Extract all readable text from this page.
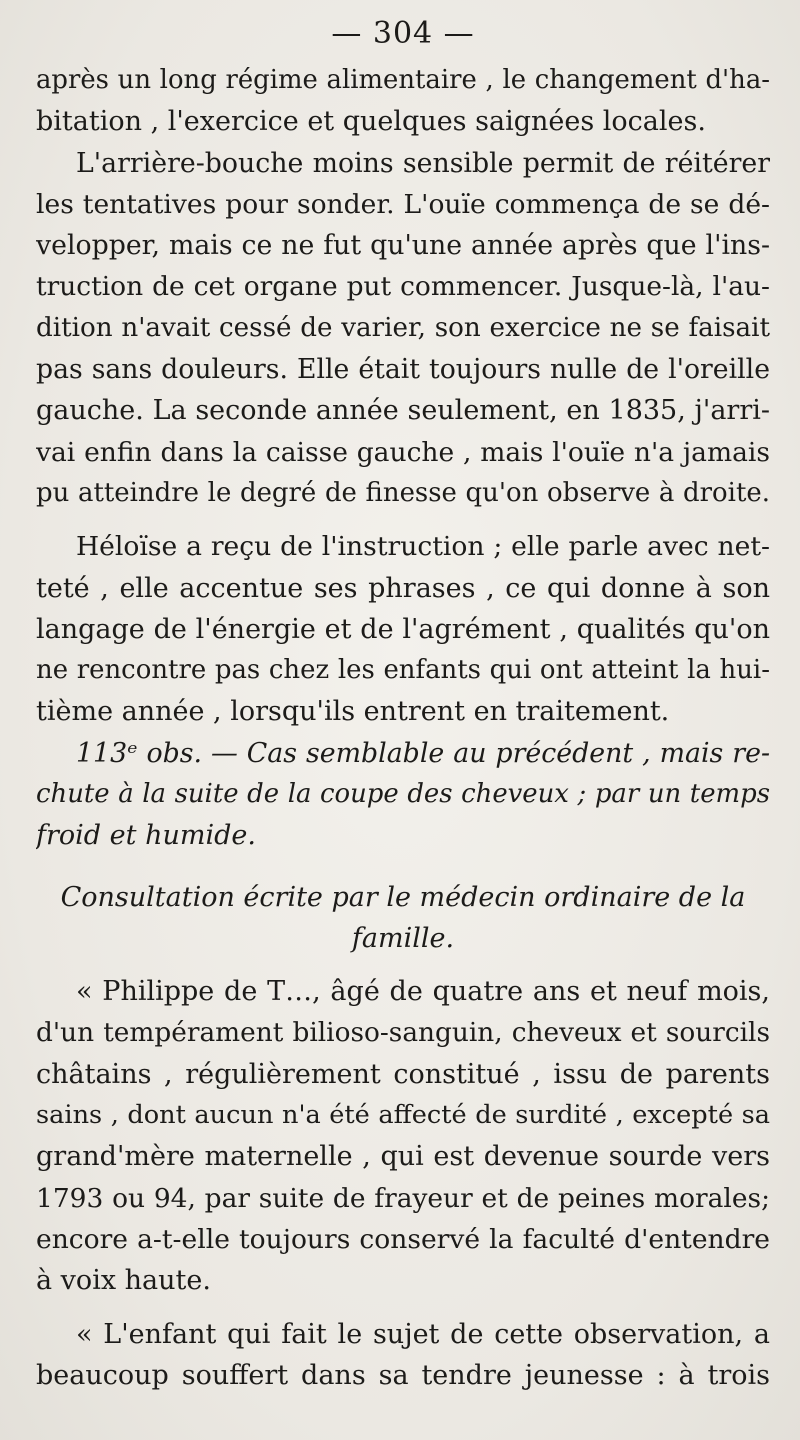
— 304 —
après un long régime alimentaire , le changement d'ha-
bitation , l'exercice et quelques saignées locales.
L'arrière-bouche moins sensible permit de réitérer
les tentatives pour sonder. L'ouïe commença de se dé-
velopper, mais ce ne fut qu'une année après que l'ins-
truction de cet organe put commencer. Jusque-là, l'au-
dition n'avait cessé de varier, son exercice ne se faisait
pas sans douleurs. Elle était toujours nulle de l'oreille
gauche. La seconde année seulement, en 1835, j'arri-
vai enfin dans la caisse gauche , mais l'ouïe n'a jamais
pu atteindre le degré de finesse qu'on observe à droite.
Héloïse a reçu de l'instruction ; elle parle avec net-
teté , elle accentue ses phrases , ce qui donne à son
langage de l'énergie et de l'agrément , qualités qu'on
ne rencontre pas chez les enfants qui ont atteint la hui-
tième année , lorsqu'ils entrent en traitement.
113ᵉ obs. — Cas semblable au précédent , mais re-
chute à la suite de la coupe des cheveux ; par un temps
froid et humide.
Consultation écrite par le médecin ordinaire de la
famille.
« Philippe de T…, âgé de quatre ans et neuf mois,
d'un tempérament bilioso-sanguin, cheveux et sourcils
châtains , régulièrement constitué , issu de parents
sains , dont aucun n'a été affecté de surdité , excepté sa
grand'mère maternelle , qui est devenue sourde vers
1793 ou 94, par suite de frayeur et de peines morales;
encore a-t-elle toujours conservé la faculté d'entendre
à voix haute.
« L'enfant qui fait le sujet de cette observation, a
beaucoup souffert dans sa tendre jeunesse : à trois
